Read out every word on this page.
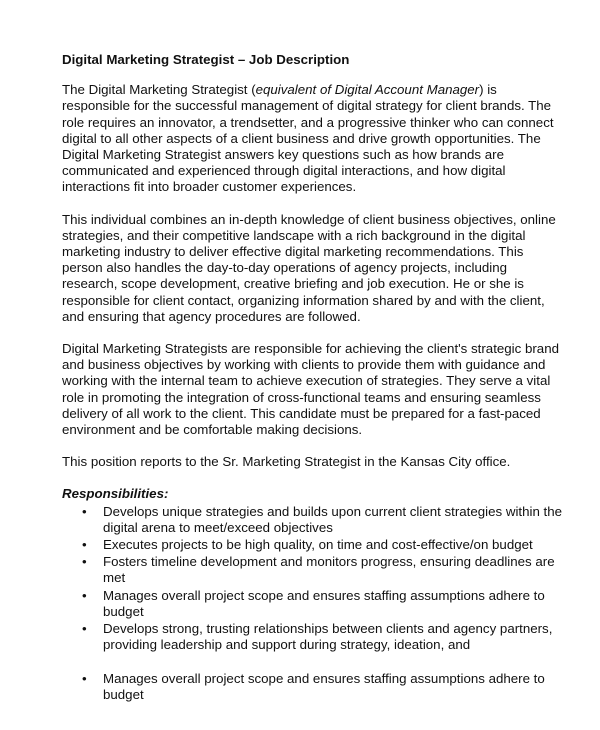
Digital Marketing Strategist – Job Description

The Digital Marketing Strategist (equivalent of Digital Account Manager) is responsible for the successful management of digital strategy for client brands. The role requires an innovator, a trendsetter, and a progressive thinker who can connect digital to all other aspects of a client business and drive growth opportunities. The Digital Marketing Strategist answers key questions such as how brands are communicated and experienced through digital interactions, and how digital interactions fit into broader customer experiences.

This individual combines an in-depth knowledge of client business objectives, online strategies, and their competitive landscape with a rich background in the digital marketing industry to deliver effective digital marketing recommendations. This person also handles the day-to-day operations of agency projects, including research, scope development, creative briefing and job execution. He or she is responsible for client contact, organizing information shared by and with the client, and ensuring that agency procedures are followed.

Digital Marketing Strategists are responsible for achieving the client's strategic brand and business objectives by working with clients to provide them with guidance and working with the internal team to achieve execution of strategies. They serve a vital role in promoting the integration of cross-functional teams and ensuring seamless delivery of all work to the client. This candidate must be prepared for a fast-paced environment and be comfortable making decisions.

This position reports to the Sr. Marketing Strategist in the Kansas City office.

Responsibilities:
• Develops unique strategies and builds upon current client strategies within the digital arena to meet/exceed objectives
• Executes projects to be high quality, on time and cost-effective/on budget
• Fosters timeline development and monitors progress, ensuring deadlines are met
• Manages overall project scope and ensures staffing assumptions adhere to budget
• Develops strong, trusting relationships between clients and agency partners, providing leadership and support during strategy, ideation, and
• Manages overall project scope and ensures staffing assumptions adhere to budget
